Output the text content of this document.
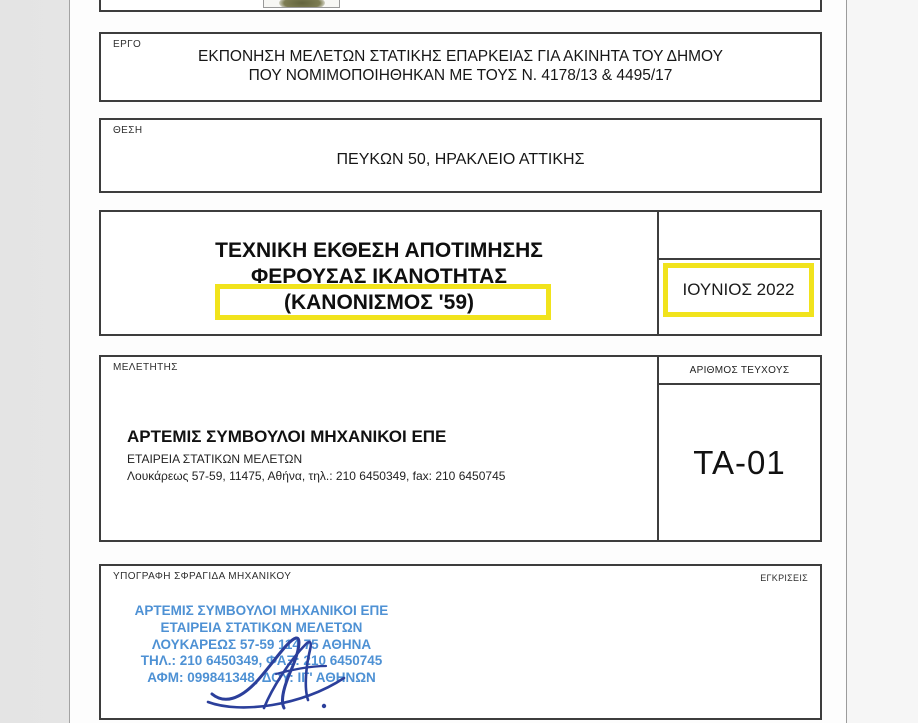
ΕΡΓΟ
ΕΚΠΟΝΗΣΗ ΜΕΛΕΤΩΝ ΣΤΑΤΙΚΗΣ ΕΠΑΡΚΕΙΑΣ ΓΙΑ ΑΚΙΝΗΤΑ ΤΟΥ ΔΗΜΟΥ
ΠΟΥ ΝΟΜΙΜΟΠΟΙΗΘΗΚΑΝ ΜΕ ΤΟΥΣ Ν. 4178/13 & 4495/17
ΘΕΣΗ
ΠΕΥΚΩΝ 50, ΗΡΑΚΛΕΙΟ ΑΤΤΙΚΗΣ
ΤΕΧΝΙΚΗ ΕΚΘΕΣΗ ΑΠΟΤΙΜΗΣΗΣ
ΦΕΡΟΥΣΑΣ ΙΚΑΝΟΤΗΤΑΣ
(ΚΑΝΟΝΙΣΜΟΣ '59)
ΙΟΥΝΙΟΣ 2022
ΜΕΛΕΤΗΤΗΣ
ΑΡΤΕΜΙΣ ΣΥΜΒΟΥΛΟΙ ΜΗΧΑΝΙΚΟΙ ΕΠΕ
ΕΤΑΙΡΕΙΑ ΣΤΑΤΙΚΩΝ ΜΕΛΕΤΩΝ
Λουκάρεως 57-59, 11475, Αθήνα, τηλ.: 210 6450349, fax: 210 6450745
ΑΡΙΘΜΟΣ ΤΕΥΧΟΥΣ
ΤΑ-01
ΥΠΟΓΡΑΦΗ ΣΦΡΑΓΙΔΑ ΜΗΧΑΝΙΚΟΥ	ΕΓΚΡΙΣΕΙΣ
ΑΡΤΕΜΙΣ ΣΥΜΒΟΥΛΟΙ ΜΗΧΑΝΙΚΟΙ ΕΠΕ
ΕΤΑΙΡΕΙΑ ΣΤΑΤΙΚΩΝ ΜΕΛΕΤΩΝ
ΛΟΥΚΑΡΕΩΣ 57-59 114 75 ΑΘΗΝΑ
ΤΗΛ.: 210 6450349, ΦΑΞ: 210 6450745
ΑΦΜ: 099841348, ΔΟΥ: ΙΓ' ΑΘΗΝΩΝ
